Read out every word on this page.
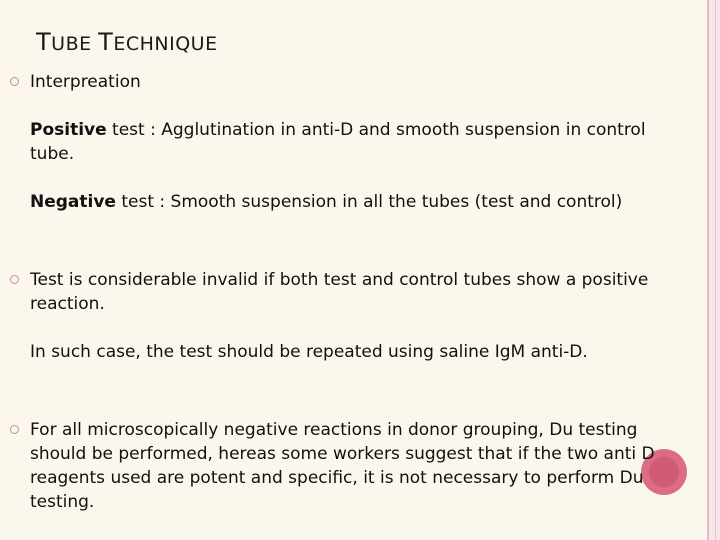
TUBE TECHNIQUE
Interpreation
Positive test : Agglutination in anti-D and smooth suspension in control tube.
Negative test : Smooth suspension in all the tubes (test and control)
Test is considerable invalid if both test and control tubes show a positive reaction.
In such case, the test should be repeated using saline IgM anti-D.
For all microscopically negative reactions in donor grouping, Du testing should be performed, hereas some workers suggest that if the two anti D reagents used are potent and specific, it is not necessary to perform Du testing.
